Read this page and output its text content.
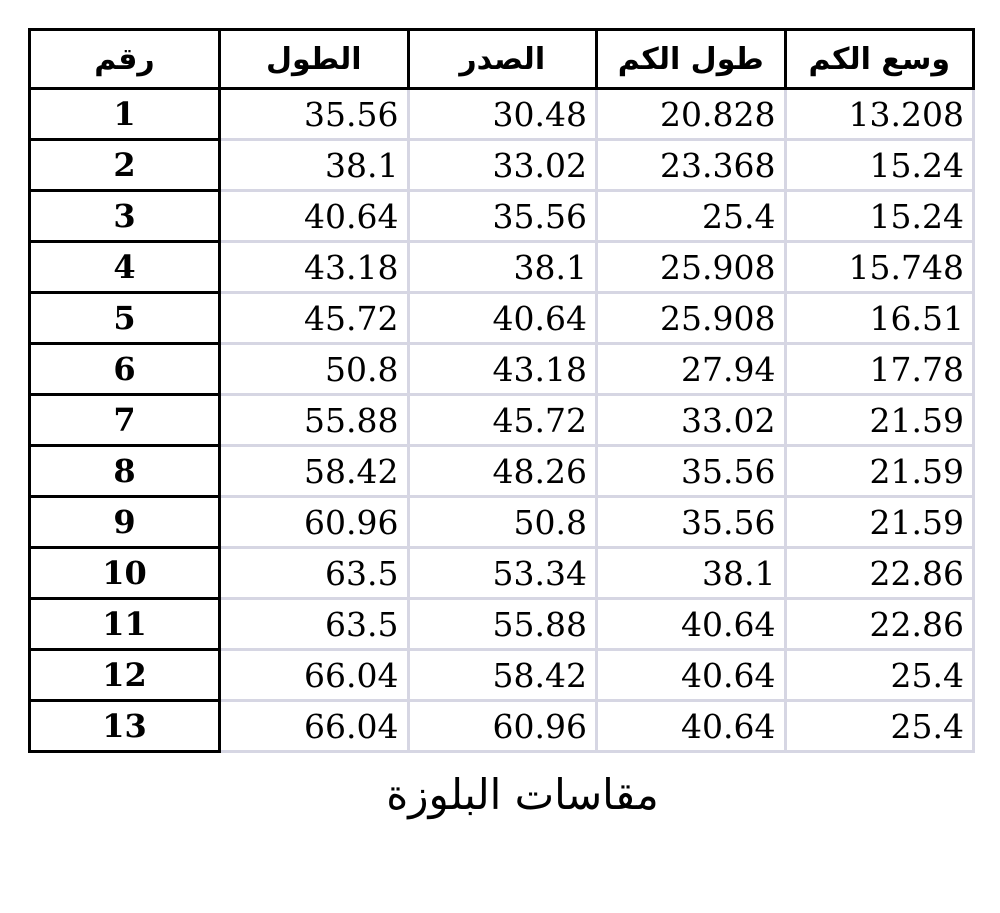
رقم	الطول	الصدر	طول الكم	وسع الكم
1	35.56	30.48	20.828	13.208
2	38.1	33.02	23.368	15.24
3	40.64	35.56	25.4	15.24
4	43.18	38.1	25.908	15.748
5	45.72	40.64	25.908	16.51
6	50.8	43.18	27.94	17.78
7	55.88	45.72	33.02	21.59
8	58.42	48.26	35.56	21.59
9	60.96	50.8	35.56	21.59
10	63.5	53.34	38.1	22.86
11	63.5	55.88	40.64	22.86
12	66.04	58.42	40.64	25.4
13	66.04	60.96	40.64	25.4
مقاسات البلوزة
